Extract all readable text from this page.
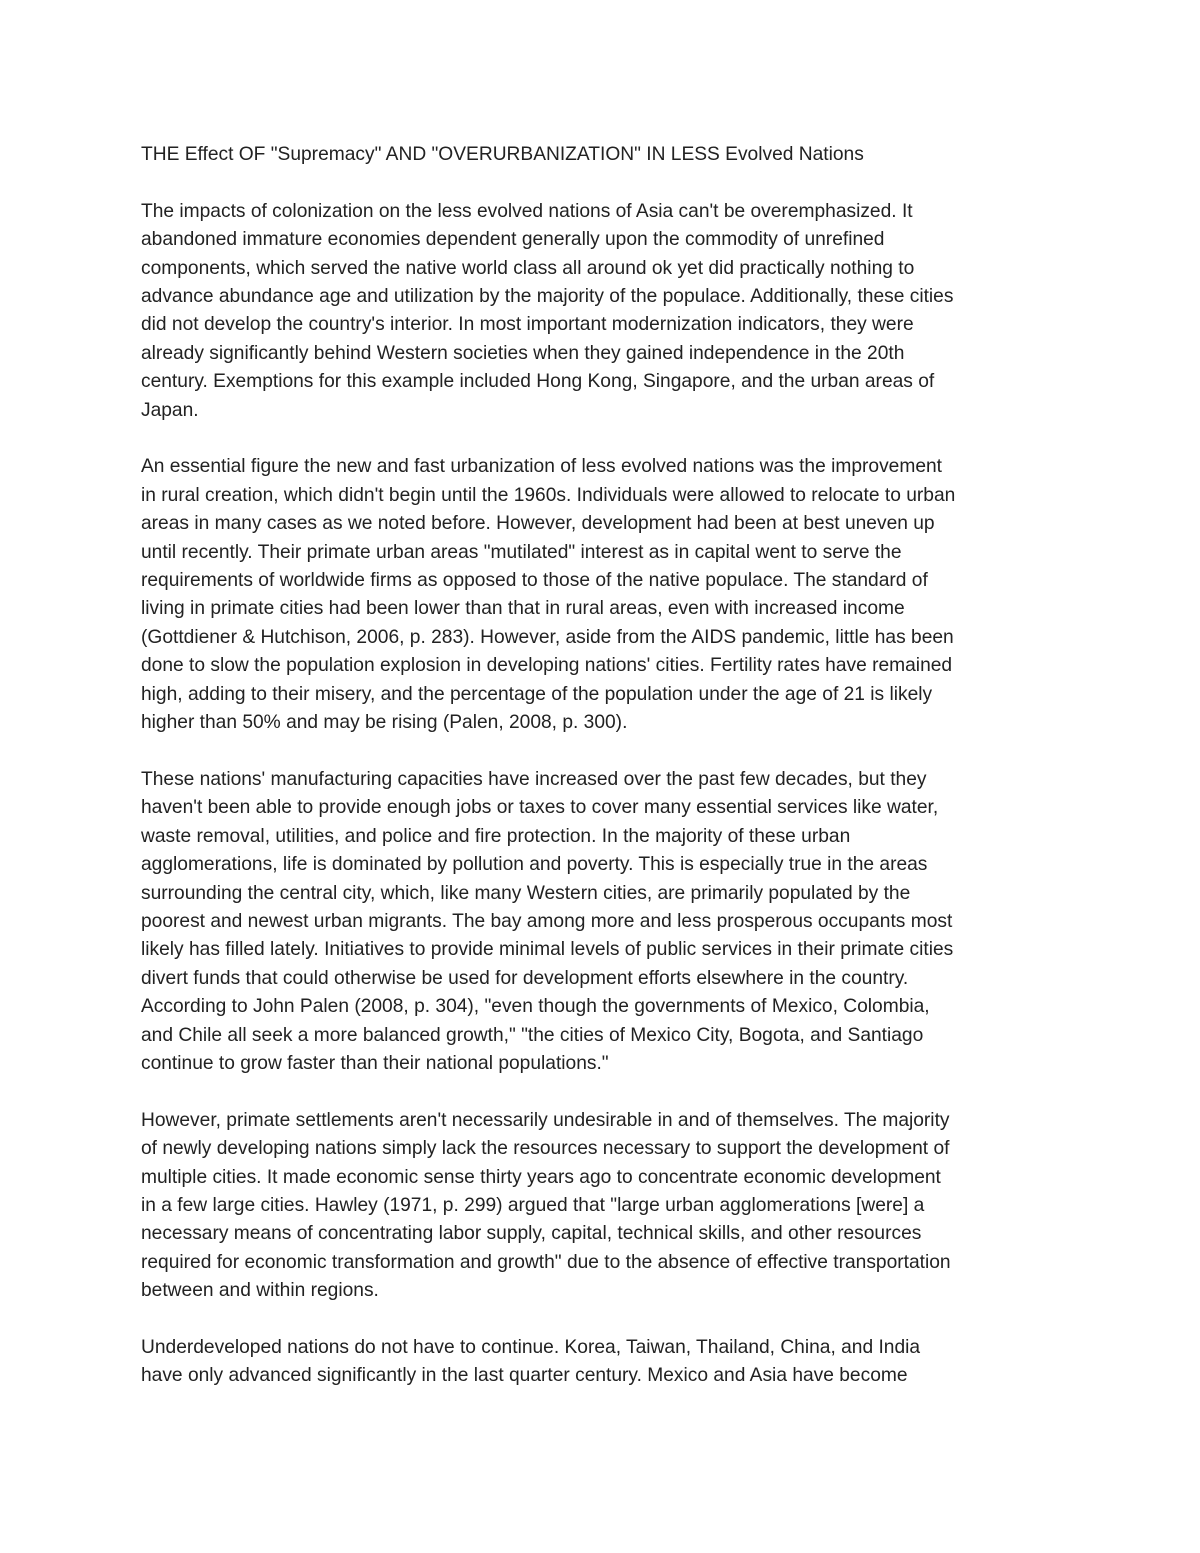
THE Effect OF "Supremacy" AND "OVERURBANIZATION" IN LESS Evolved Nations

The impacts of colonization on the less evolved nations of Asia can't be overemphasized. It
abandoned immature economies dependent generally upon the commodity of unrefined
components, which served the native world class all around ok yet did practically nothing to
advance abundance age and utilization by the majority of the populace. Additionally, these cities
did not develop the country's interior. In most important modernization indicators, they were
already significantly behind Western societies when they gained independence in the 20th
century. Exemptions for this example included Hong Kong, Singapore, and the urban areas of
Japan.

An essential figure the new and fast urbanization of less evolved nations was the improvement
in rural creation, which didn't begin until the 1960s. Individuals were allowed to relocate to urban
areas in many cases as we noted before. However, development had been at best uneven up
until recently. Their primate urban areas "mutilated" interest as in capital went to serve the
requirements of worldwide firms as opposed to those of the native populace. The standard of
living in primate cities had been lower than that in rural areas, even with increased income
(Gottdiener & Hutchison, 2006, p. 283). However, aside from the AIDS pandemic, little has been
done to slow the population explosion in developing nations' cities. Fertility rates have remained
high, adding to their misery, and the percentage of the population under the age of 21 is likely
higher than 50% and may be rising (Palen, 2008, p. 300).

These nations' manufacturing capacities have increased over the past few decades, but they
haven't been able to provide enough jobs or taxes to cover many essential services like water,
waste removal, utilities, and police and fire protection. In the majority of these urban
agglomerations, life is dominated by pollution and poverty. This is especially true in the areas
surrounding the central city, which, like many Western cities, are primarily populated by the
poorest and newest urban migrants. The bay among more and less prosperous occupants most
likely has filled lately. Initiatives to provide minimal levels of public services in their primate cities
divert funds that could otherwise be used for development efforts elsewhere in the country.
According to John Palen (2008, p. 304), "even though the governments of Mexico, Colombia,
and Chile all seek a more balanced growth," "the cities of Mexico City, Bogota, and Santiago
continue to grow faster than their national populations."

However, primate settlements aren't necessarily undesirable in and of themselves. The majority
of newly developing nations simply lack the resources necessary to support the development of
multiple cities. It made economic sense thirty years ago to concentrate economic development
in a few large cities. Hawley (1971, p. 299) argued that "large urban agglomerations [were] a
necessary means of concentrating labor supply, capital, technical skills, and other resources
required for economic transformation and growth" due to the absence of effective transportation
between and within regions.

Underdeveloped nations do not have to continue. Korea, Taiwan, Thailand, China, and India
have only advanced significantly in the last quarter century. Mexico and Asia have become
